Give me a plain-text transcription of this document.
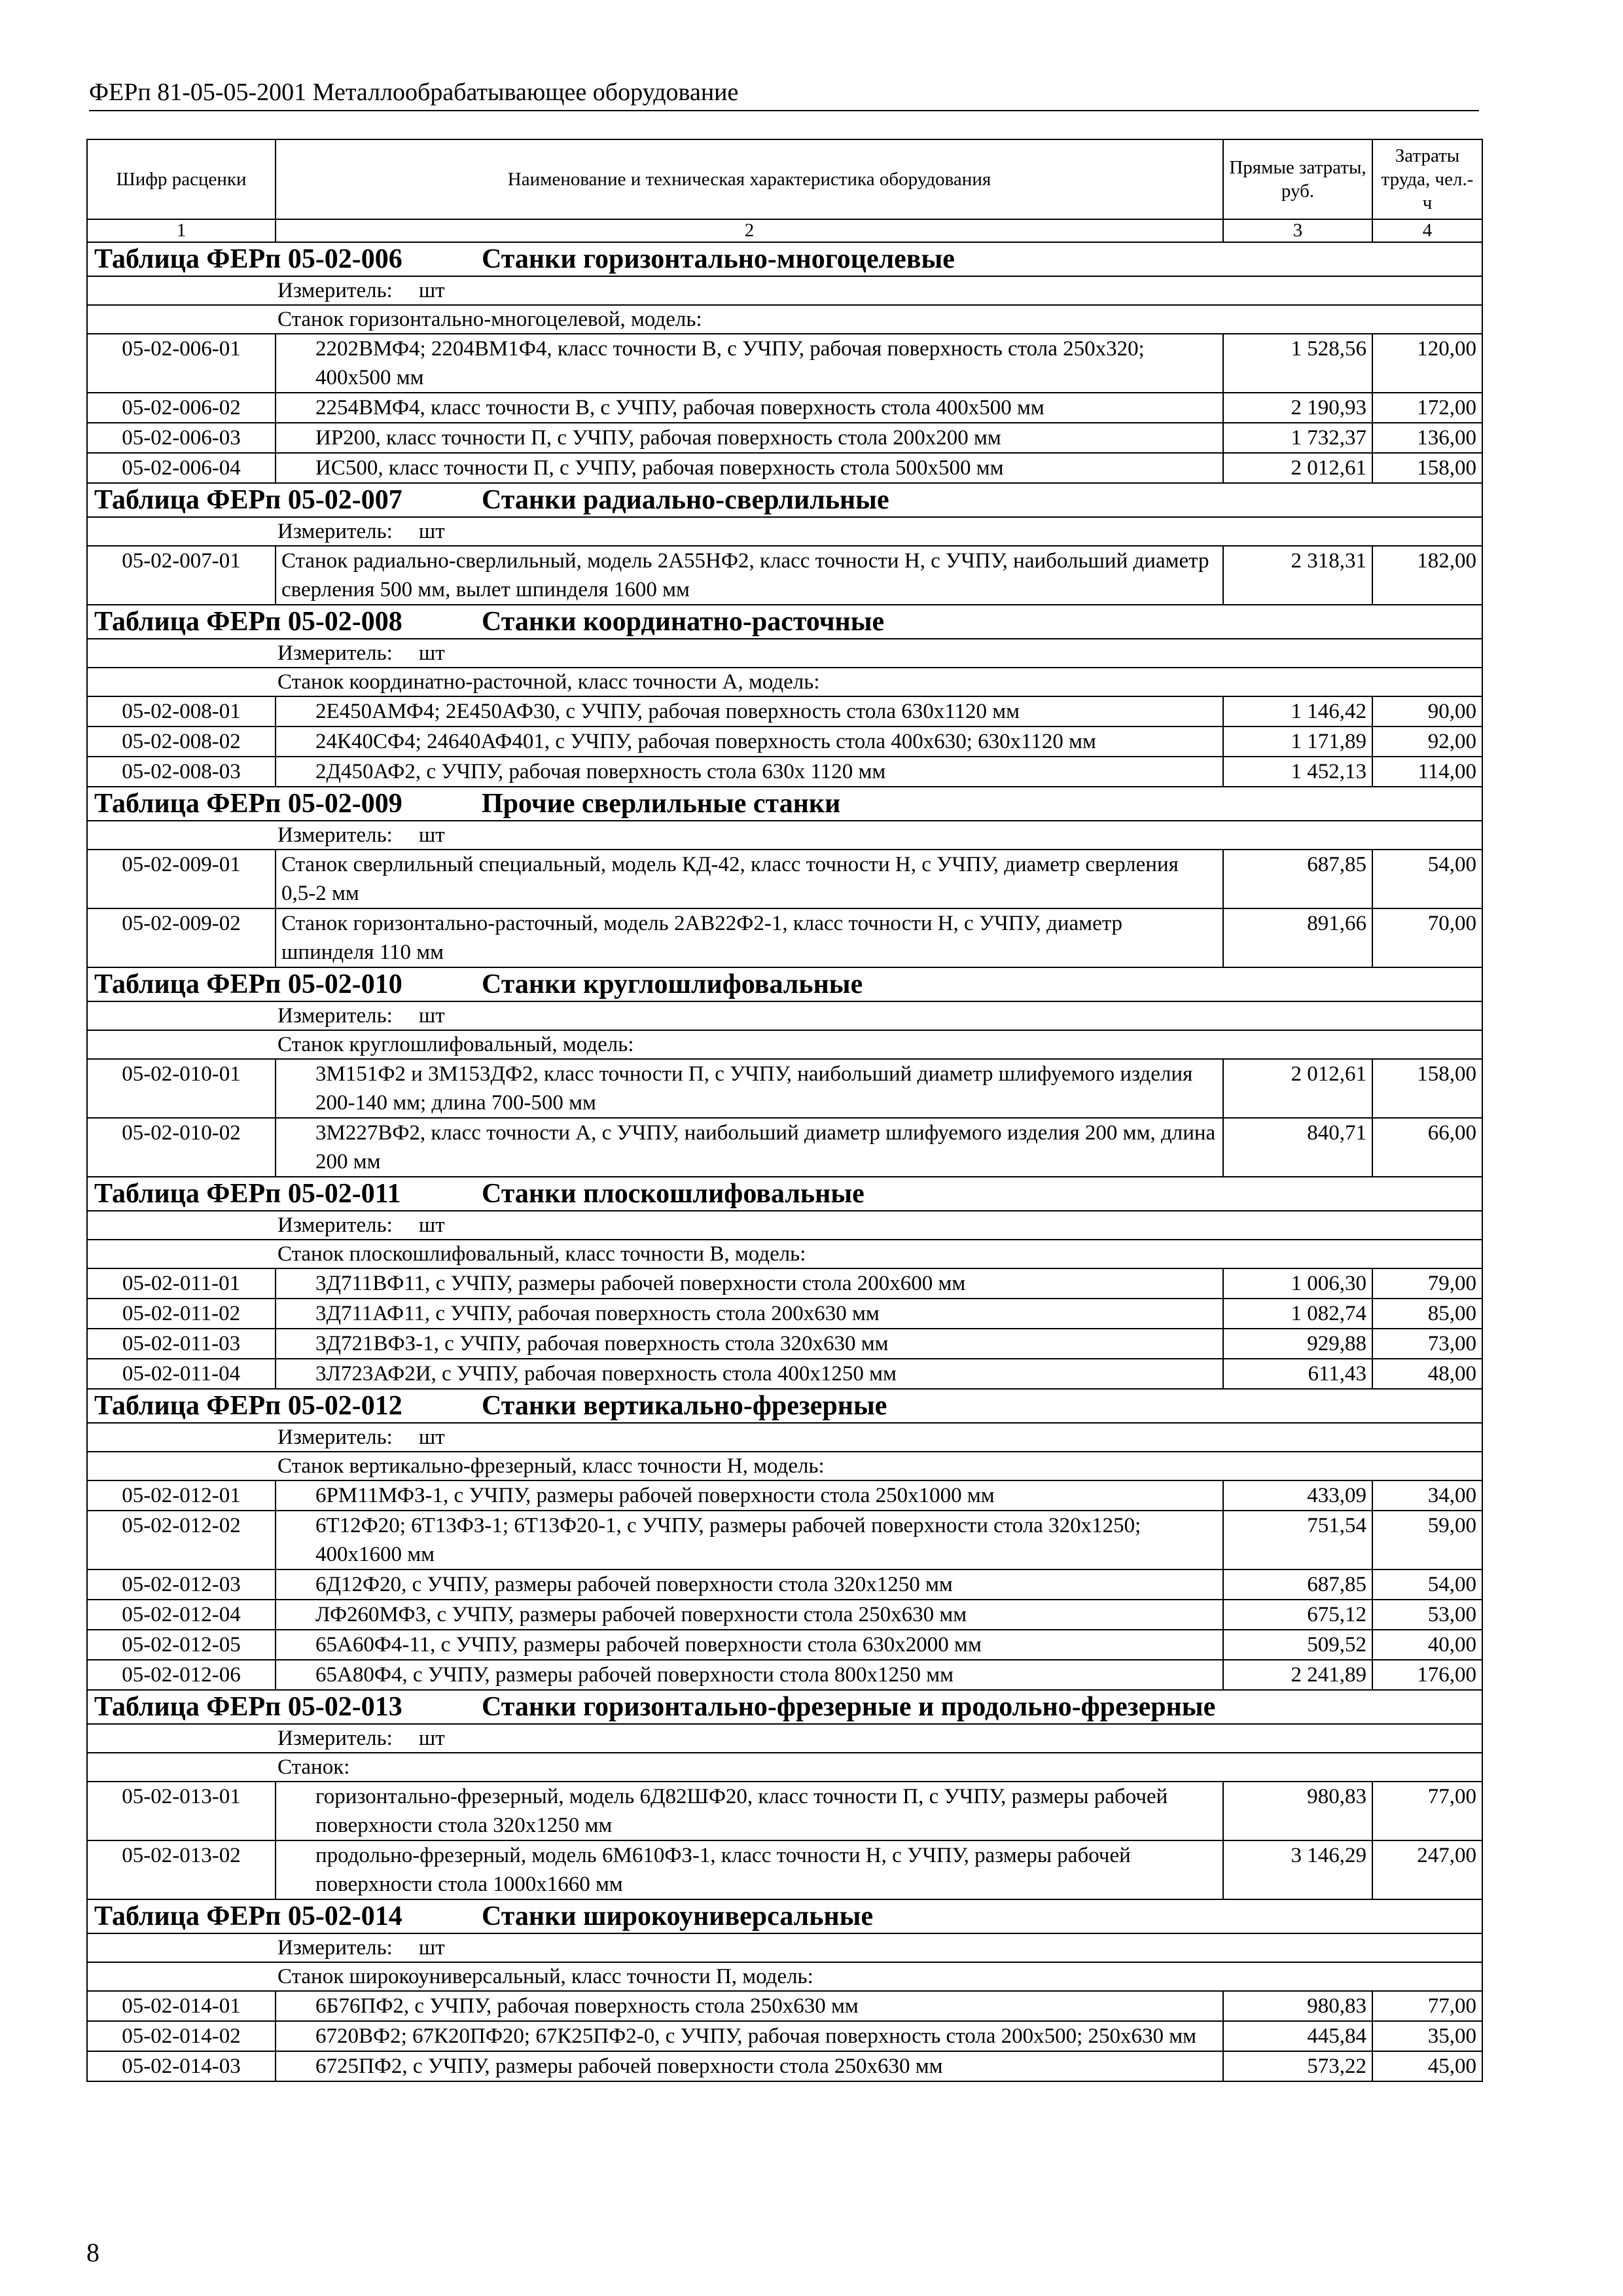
ФЕРп 81-05-05-2001 Металлообрабатывающее оборудование
Шифр расценки	Наименование и техническая характеристика оборудования	Прямые затраты, руб.	Затраты труда, чел.-ч
1	2	3	4
Таблица ФЕРп 05-02-006 Станки горизонтально-многоцелевые			
Измеритель: шт			
Станок горизонтально-многоцелевой, модель:			
05-02-006-01	2202ВМФ4; 2204ВМ1Ф4, класс точности В, с УЧПУ, рабочая поверхность стола 250х320; 400х500 мм	1 528,56	120,00
05-02-006-02	2254ВМФ4, класс точности В, с УЧПУ, рабочая поверхность стола 400х500 мм	2 190,93	172,00
05-02-006-03	ИР200, класс точности П, с УЧПУ, рабочая поверхность стола 200х200 мм	1 732,37	136,00
05-02-006-04	ИС500, класс точности П, с УЧПУ, рабочая поверхность стола 500х500 мм	2 012,61	158,00
Таблица ФЕРп 05-02-007 Станки радиально-сверлильные			
Измеритель: шт			
05-02-007-01	Станок радиально-сверлильный, модель 2А55НФ2, класс точности Н, с УЧПУ, наибольший диаметр сверления 500 мм, вылет шпинделя 1600 мм	2 318,31	182,00
Таблица ФЕРп 05-02-008 Станки координатно-расточные			
Измеритель: шт			
Станок координатно-расточной, класс точности А, модель:			
05-02-008-01	2Е450АМФ4; 2Е450АФ30, с УЧПУ, рабочая поверхность стола 630х1120 мм	1 146,42	90,00
05-02-008-02	24К40СФ4; 24640АФ401, с УЧПУ, рабочая поверхность стола 400х630; 630х1120 мм	1 171,89	92,00
05-02-008-03	2Д450АФ2, с УЧПУ, рабочая поверхность стола 630х 1120 мм	1 452,13	114,00
Таблица ФЕРп 05-02-009 Прочие сверлильные станки			
Измеритель: шт			
05-02-009-01	Станок сверлильный специальный, модель КД-42, класс точности Н, с УЧПУ, диаметр сверления 0,5-2 мм	687,85	54,00
05-02-009-02	Станок горизонтально-расточный, модель 2АВ22Ф2-1, класс точности Н, с УЧПУ, диаметр шпинделя 110 мм	891,66	70,00
Таблица ФЕРп 05-02-010 Станки круглошлифовальные			
Измеритель: шт			
Станок круглошлифовальный, модель:			
05-02-010-01	3М151Ф2 и 3М153ДФ2, класс точности П, с УЧПУ, наибольший диаметр шлифуемого изделия 200-140 мм; длина 700-500 мм	2 012,61	158,00
05-02-010-02	3М227ВФ2, класс точности А, с УЧПУ, наибольший диаметр шлифуемого изделия 200 мм, длина 200 мм	840,71	66,00
Таблица ФЕРп 05-02-011 Станки плоскошлифовальные			
Измеритель: шт			
Станок плоскошлифовальный, класс точности В, модель:			
05-02-011-01	3Д711ВФ11, с УЧПУ, размеры рабочей поверхности стола 200х600 мм	1 006,30	79,00
05-02-011-02	3Д711АФ11, с УЧПУ, рабочая поверхность стола 200х630 мм	1 082,74	85,00
05-02-011-03	3Д721ВФЗ-1, с УЧПУ, рабочая поверхность стола 320х630 мм	929,88	73,00
05-02-011-04	3Л723АФ2И, с УЧПУ, рабочая поверхность стола 400х1250 мм	611,43	48,00
Таблица ФЕРп 05-02-012 Станки вертикально-фрезерные			
Измеритель: шт			
Станок вертикально-фрезерный, класс точности Н, модель:			
05-02-012-01	6РМ11МФЗ-1, с УЧПУ, размеры рабочей поверхности стола 250х1000 мм	433,09	34,00
05-02-012-02	6Т12Ф20; 6Т13ФЗ-1; 6Т13Ф20-1, с УЧПУ, размеры рабочей поверхности стола 320х1250; 400х1600 мм	751,54	59,00
05-02-012-03	6Д12Ф20, с УЧПУ, размеры рабочей поверхности стола 320х1250 мм	687,85	54,00
05-02-012-04	ЛФ260МФЗ, с УЧПУ, размеры рабочей поверхности стола 250х630 мм	675,12	53,00
05-02-012-05	65А60Ф4-11, с УЧПУ, размеры рабочей поверхности стола 630х2000 мм	509,52	40,00
05-02-012-06	65А80Ф4, с УЧПУ, размеры рабочей поверхности стола 800х1250 мм	2 241,89	176,00
Таблица ФЕРп 05-02-013 Станки горизонтально-фрезерные и продольно-фрезерные			
Измеритель: шт			
Станок:			
05-02-013-01	горизонтально-фрезерный, модель 6Д82ШФ20, класс точности П, с УЧПУ, размеры рабочей поверхности стола 320х1250 мм	980,83	77,00
05-02-013-02	продольно-фрезерный, модель 6М610ФЗ-1, класс точности Н, с УЧПУ, размеры рабочей поверхности стола 1000х1660 мм	3 146,29	247,00
Таблица ФЕРп 05-02-014 Станки широкоуниверсальные			
Измеритель: шт			
Станок широкоуниверсальный, класс точности П, модель:			
05-02-014-01	6Б76ПФ2, с УЧПУ, рабочая поверхность стола 250х630 мм	980,83	77,00
05-02-014-02	6720ВФ2; 67К20ПФ20; 67К25ПФ2-0, с УЧПУ, рабочая поверхность стола 200х500; 250х630 мм	445,84	35,00
05-02-014-03	6725ПФ2, с УЧПУ, размеры рабочей поверхности стола 250х630 мм	573,22	45,00
8
